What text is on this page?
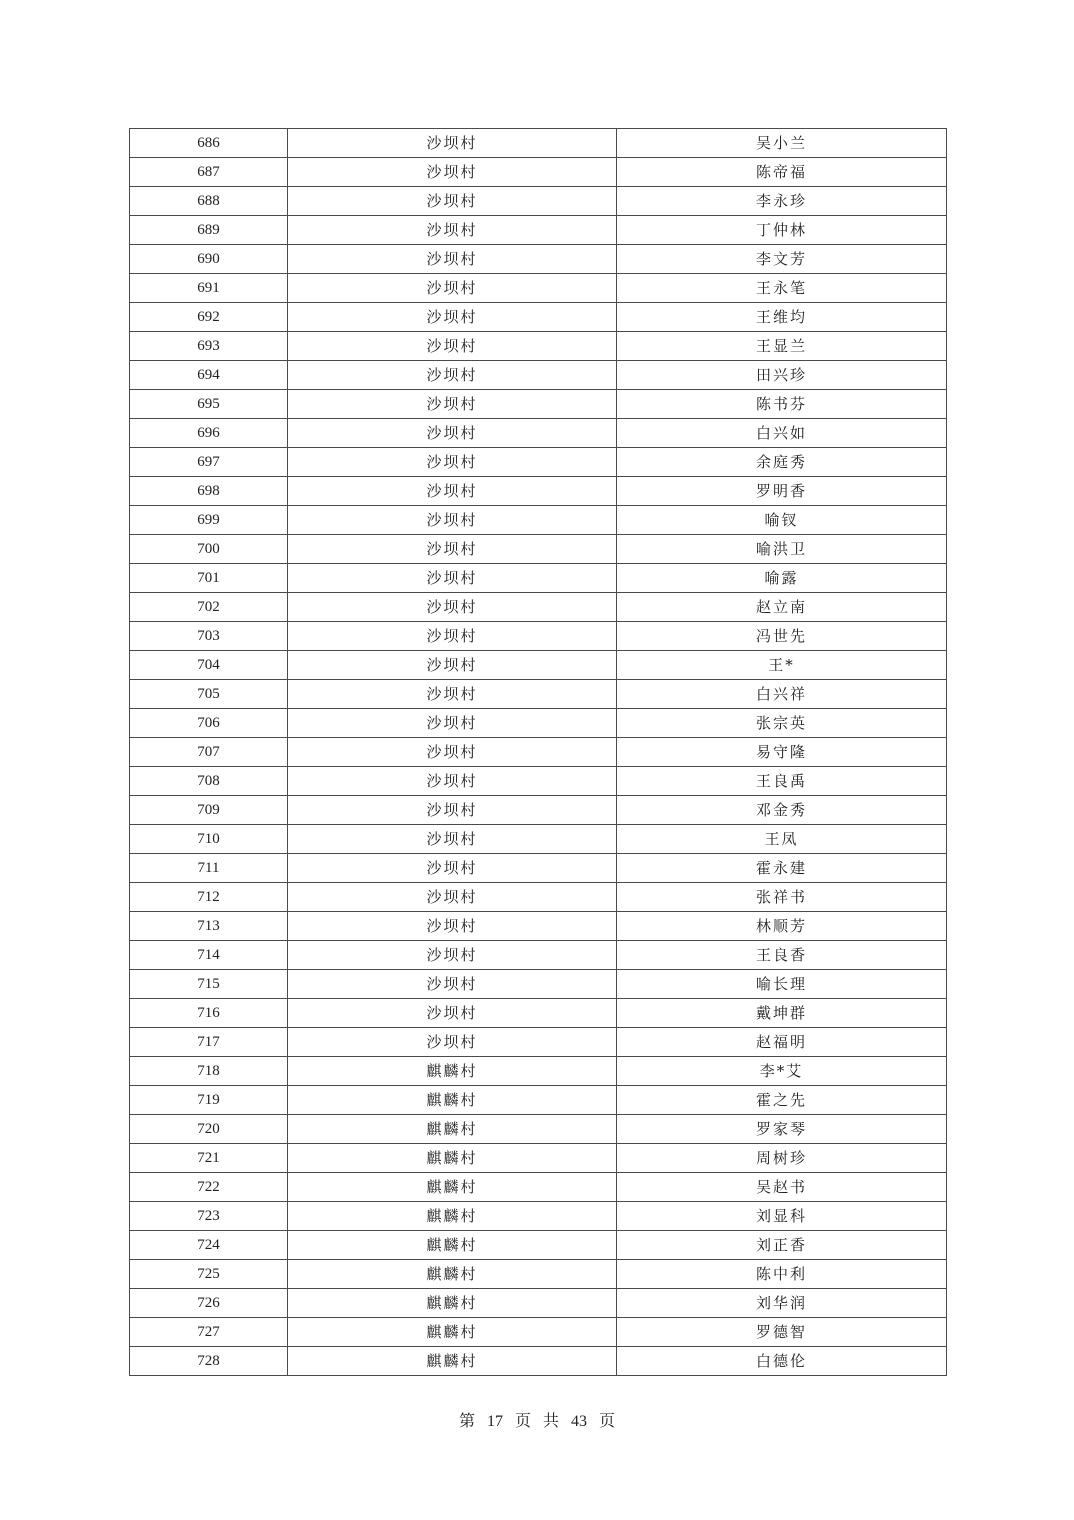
686	沙坝村	吴小兰
687	沙坝村	陈帝福
688	沙坝村	李永珍
689	沙坝村	丁仲林
690	沙坝村	李文芳
691	沙坝村	王永笔
692	沙坝村	王维均
693	沙坝村	王显兰
694	沙坝村	田兴珍
695	沙坝村	陈书芬
696	沙坝村	白兴如
697	沙坝村	余庭秀
698	沙坝村	罗明香
699	沙坝村	喻钗
700	沙坝村	喻洪卫
701	沙坝村	喻露
702	沙坝村	赵立南
703	沙坝村	冯世先
704	沙坝村	王*
705	沙坝村	白兴祥
706	沙坝村	张宗英
707	沙坝村	易守隆
708	沙坝村	王良禹
709	沙坝村	邓金秀
710	沙坝村	王凤
711	沙坝村	霍永建
712	沙坝村	张祥书
713	沙坝村	林顺芳
714	沙坝村	王良香
715	沙坝村	喻长理
716	沙坝村	戴坤群
717	沙坝村	赵福明
718	麒麟村	李*艾
719	麒麟村	霍之先
720	麒麟村	罗家琴
721	麒麟村	周树珍
722	麒麟村	吴赵书
723	麒麟村	刘显科
724	麒麟村	刘正香
725	麒麟村	陈中利
726	麒麟村	刘华润
727	麒麟村	罗德智
728	麒麟村	白德伦
第 17 页 共 43 页
